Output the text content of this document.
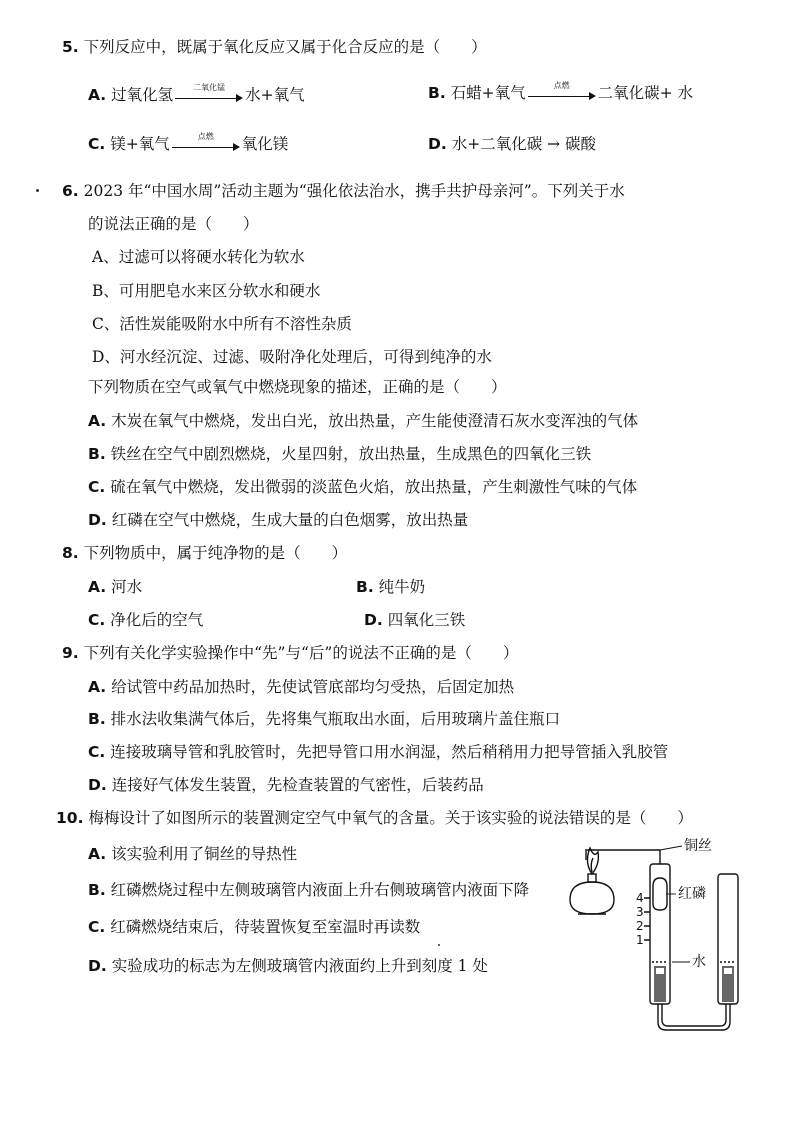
5. 下列反应中，既属于氧化反应又属于化合反应的是（　　）
A. 过氧化氢	二氧化锰	水+氧气	B. 石蜡+氧气	点燃	二氧化碳+ 水
C. 镁+氧气	点燃	氧化镁	D. 水+二氧化碳 → 碳酸
6. 2023 年“中国水周”活动主题为“强化依法治水，携手共护母亲河”。下列关于水
的说法正确的是（　　）
A、过滤可以将硬水转化为软水
B、可用肥皂水来区分软水和硬水
C、活性炭能吸附水中所有不溶性杂质
D、河水经沉淀、过滤、吸附净化处理后，可得到纯净的水
下列物质在空气或氧气中燃烧现象的描述，正确的是（　　）
A. 木炭在氧气中燃烧，发出白光，放出热量，产生能使澄清石灰水变浑浊的气体
B. 铁丝在空气中剧烈燃烧，火星四射，放出热量，生成黑色的四氧化三铁
C. 硫在氧气中燃烧，发出微弱的淡蓝色火焰，放出热量，产生刺激性气味的气体
D. 红磷在空气中燃烧，生成大量的白色烟雾，放出热量
8. 下列物质中，属于纯净物的是（　　）
A. 河水	B. 纯牛奶
C. 净化后的空气	D. 四氧化三铁
9. 下列有关化学实验操作中“先”与“后”的说法不正确的是（　　）
A. 给试管中药品加热时，先使试管底部均匀受热，后固定加热
B. 排水法收集满气体后，先将集气瓶取出水面，后用玻璃片盖住瓶口
C. 连接玻璃导管和乳胶管时，先把导管口用水润湿，然后稍稍用力把导管插入乳胶管
D. 连接好气体发生装置，先检查装置的气密性，后装药品
10. 梅梅设计了如图所示的装置测定空气中氧气的含量。关于该实验的说法错误的是（　　）
A. 该实验利用了铜丝的导热性
B. 红磷燃烧过程中左侧玻璃管内液面上升右侧玻璃管内液面下降
C. 红磷燃烧结束后，待装置恢复至室温时再读数
D. 实验成功的标志为左侧玻璃管内液面约上升到刻度 1 处
铜丝
红磷
水
4
3
2
1
